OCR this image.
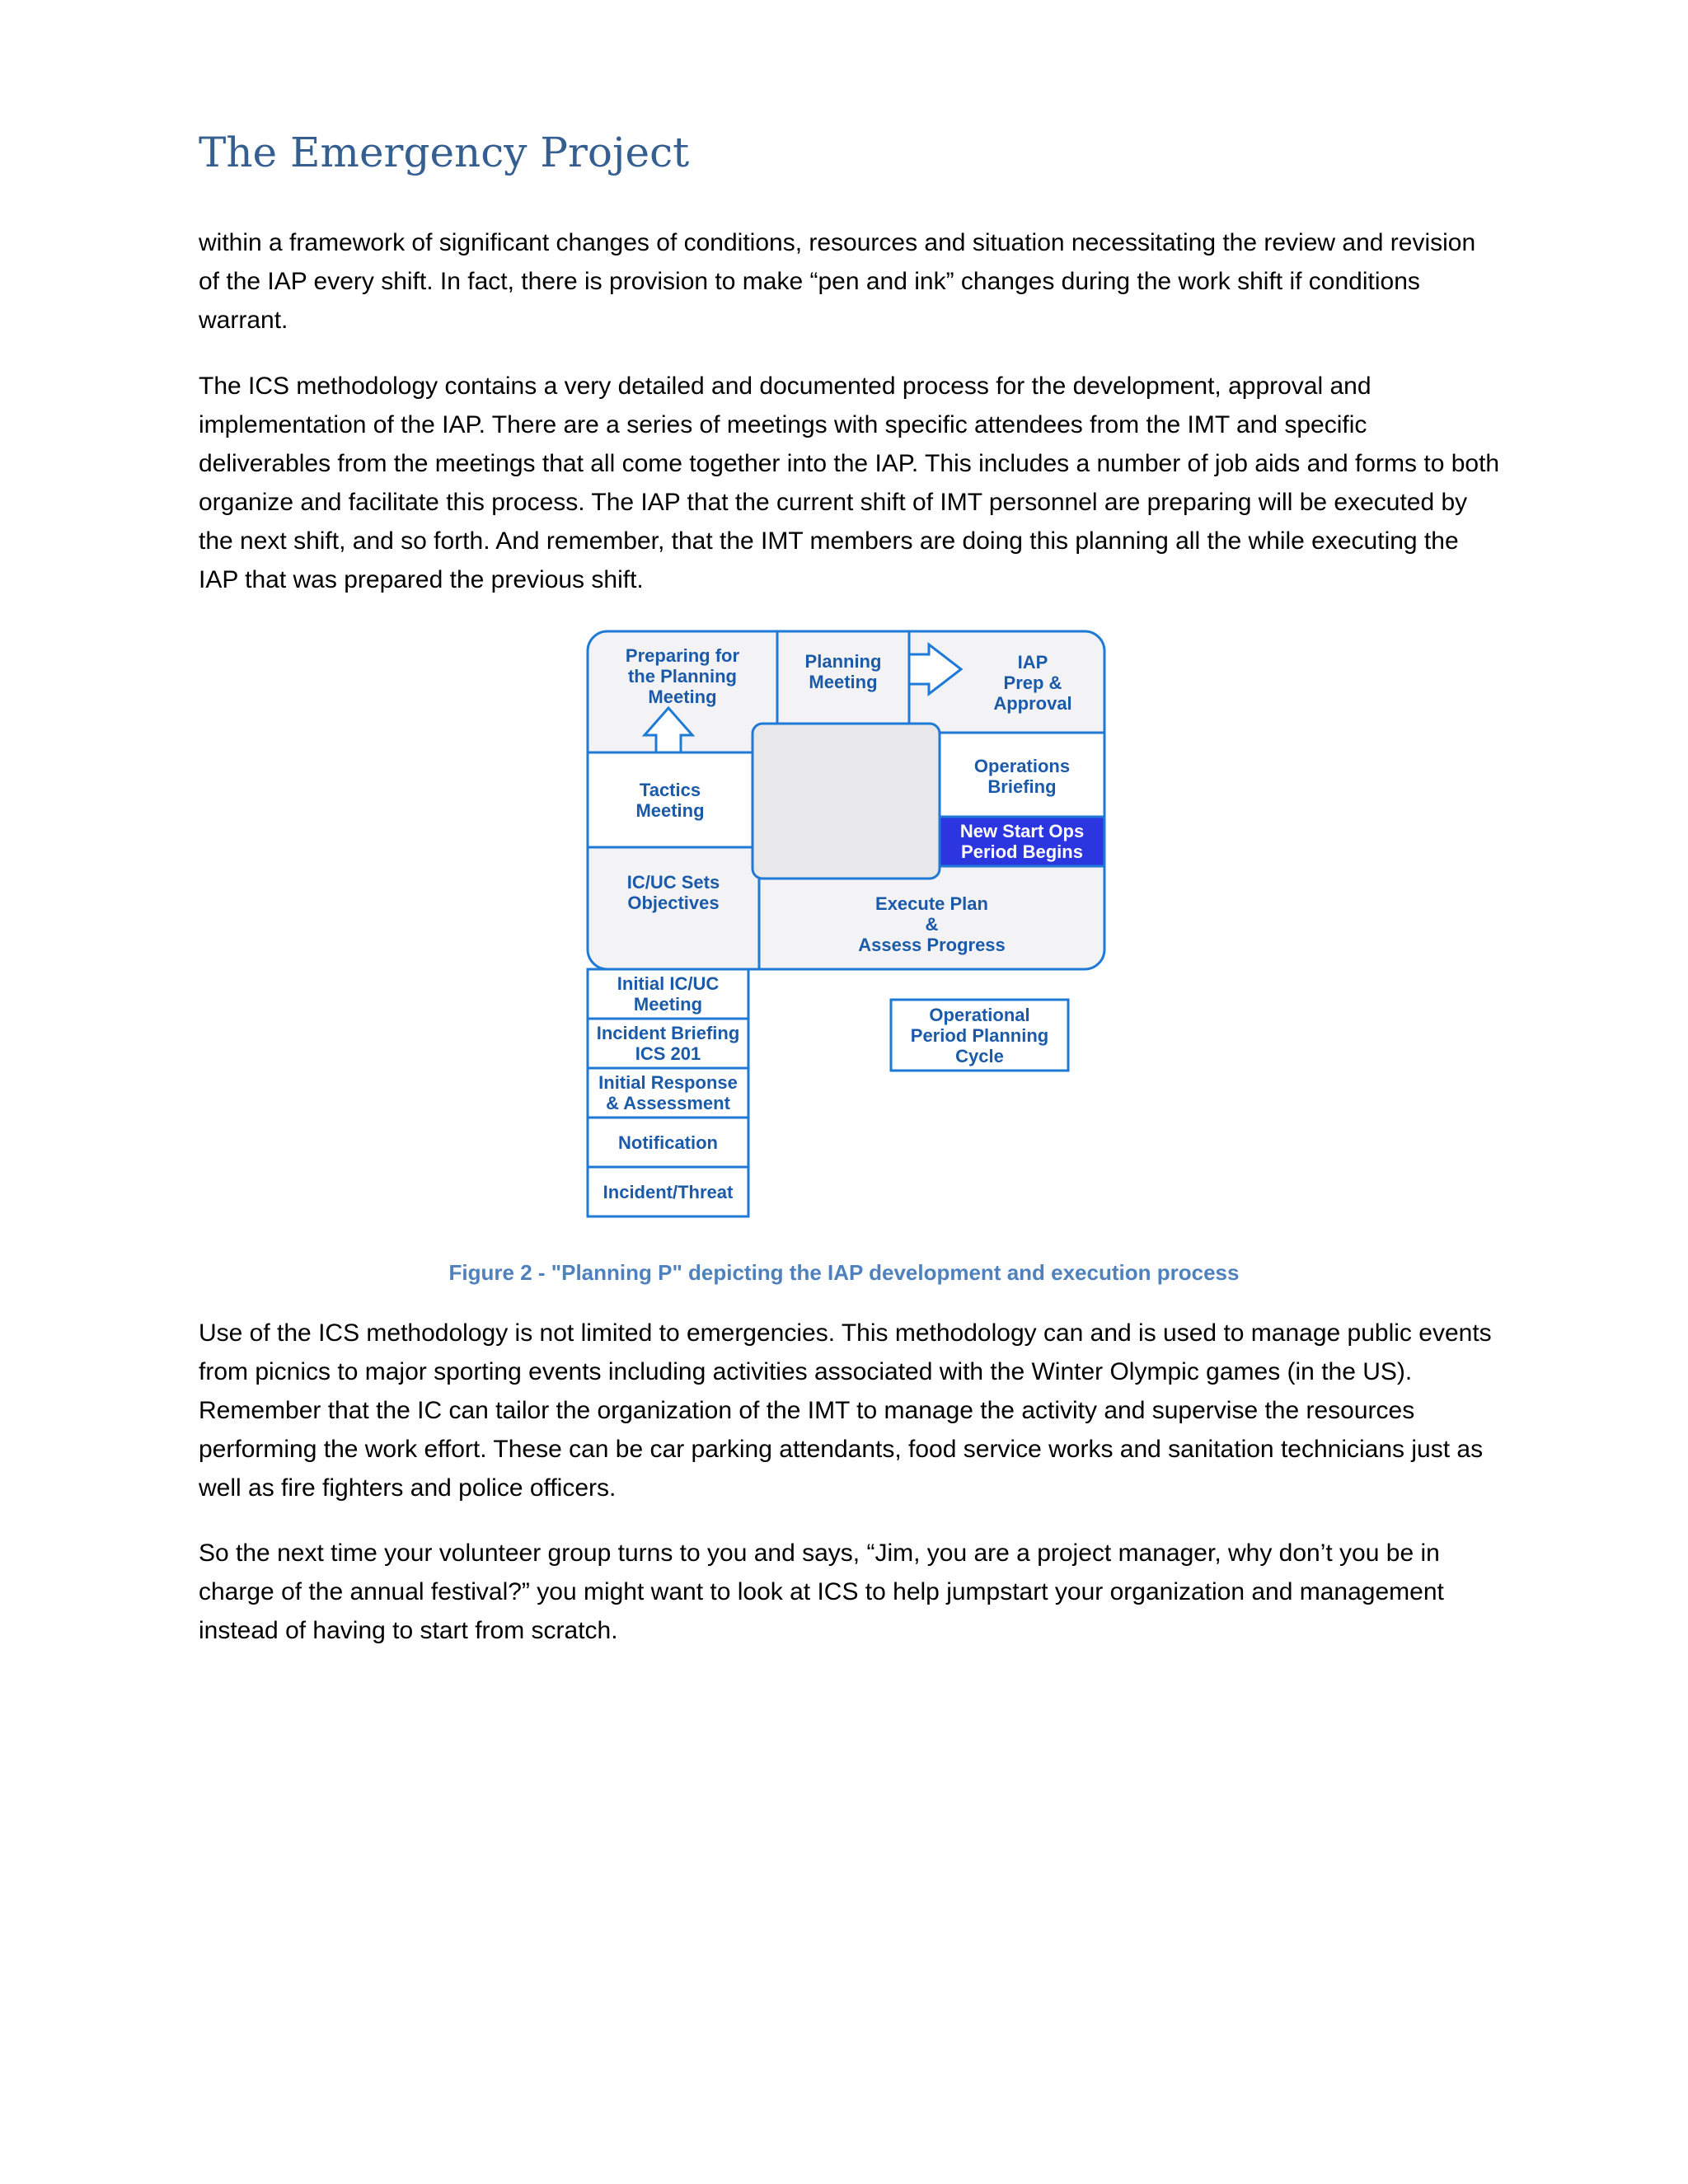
The Emergency Project

within a framework of significant changes of conditions, resources and situation necessitating the review and revision of the IAP every shift. In fact, there is provision to make “pen and ink” changes during the work shift if conditions warrant.

The ICS methodology contains a very detailed and documented process for the development, approval and implementation of the IAP. There are a series of meetings with specific attendees from the IMT and specific deliverables from the meetings that all come together into the IAP. This includes a number of job aids and forms to both organize and facilitate this process. The IAP that the current shift of IMT personnel are preparing will be executed by the next shift, and so forth. And remember, that the IMT members are doing this planning all the while executing the IAP that was prepared the previous shift.

Preparing for
the Planning
Meeting
Planning
Meeting
IAP
Prep &
Approval
Tactics
Meeting
Operations
Briefing
New Start Ops
Period Begins
IC/UC Sets
Objectives	Execute Plan
&
Assess Progress
Initial IC/UC
Meeting
Incident Briefing
ICS 201
Initial Response
& Assessment
Notification
Incident/Threat
Operational
Period Planning
Cycle

Figure 2 - "Planning P" depicting the IAP development and execution process

Use of the ICS methodology is not limited to emergencies. This methodology can and is used to manage public events from picnics to major sporting events including activities associated with the Winter Olympic games (in the US). Remember that the IC can tailor the organization of the IMT to manage the activity and supervise the resources performing the work effort. These can be car parking attendants, food service works and sanitation technicians just as well as fire fighters and police officers.

So the next time your volunteer group turns to you and says, “Jim, you are a project manager, why don’t you be in charge of the annual festival?” you might want to look at ICS to help jumpstart your organization and management instead of having to start from scratch.
